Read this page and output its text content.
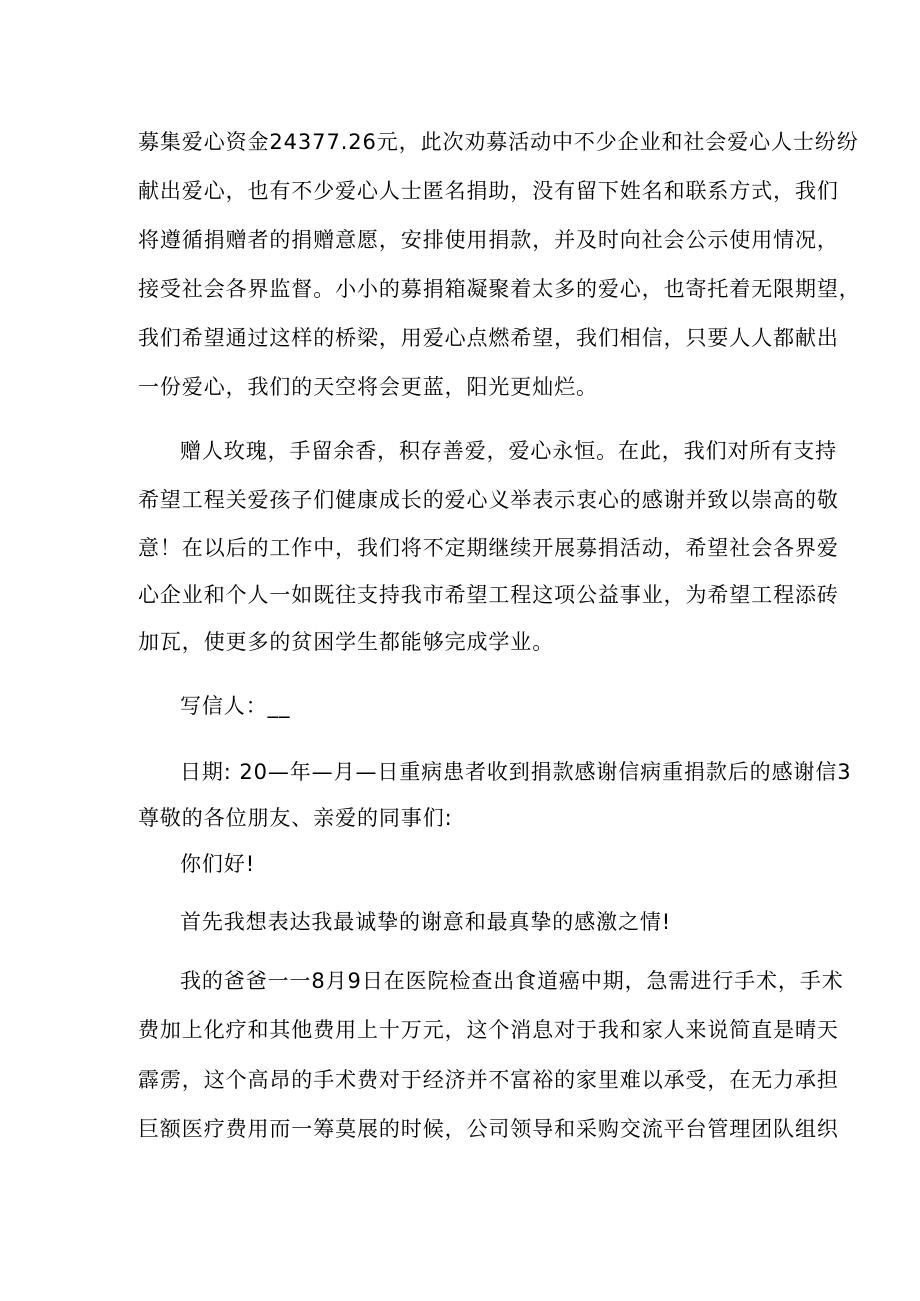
募集爱心资金24377.26元，此次劝募活动中不少企业和社会爱心人士纷纷
献出爱心，也有不少爱心人士匿名捐助，没有留下姓名和联系方式，我们
将遵循捐赠者的捐赠意愿，安排使用捐款，并及时向社会公示使用情况，
接受社会各界监督。小小的募捐箱凝聚着太多的爱心，也寄托着无限期望，
我们希望通过这样的桥梁，用爱心点燃希望，我们相信，只要人人都献出
一份爱心，我们的天空将会更蓝，阳光更灿烂。
赠人玫瑰，手留余香，积存善爱，爱心永恒。在此，我们对所有支持
希望工程关爱孩子们健康成长的爱心义举表示衷心的感谢并致以崇高的敬
意！在以后的工作中，我们将不定期继续开展募捐活动，希望社会各界爱
心企业和个人一如既往支持我市希望工程这项公益事业，为希望工程添砖
加瓦，使更多的贫困学生都能够完成学业。
写信人：__
日期: 20—年—月—日重病患者收到捐款感谢信病重捐款后的感谢信3
尊敬的各位朋友、亲爱的同事们:
你们好!
首先我想表达我最诚挚的谢意和最真挚的感激之情!
我的爸爸一一8月9日在医院检查出食道癌中期，急需进行手术，手术
费加上化疗和其他费用上十万元，这个消息对于我和家人来说简直是晴天
霹雳，这个高昂的手术费对于经济并不富裕的家里难以承受，在无力承担
巨额医疗费用而一筹莫展的时候，公司领导和采购交流平台管理团队组织
